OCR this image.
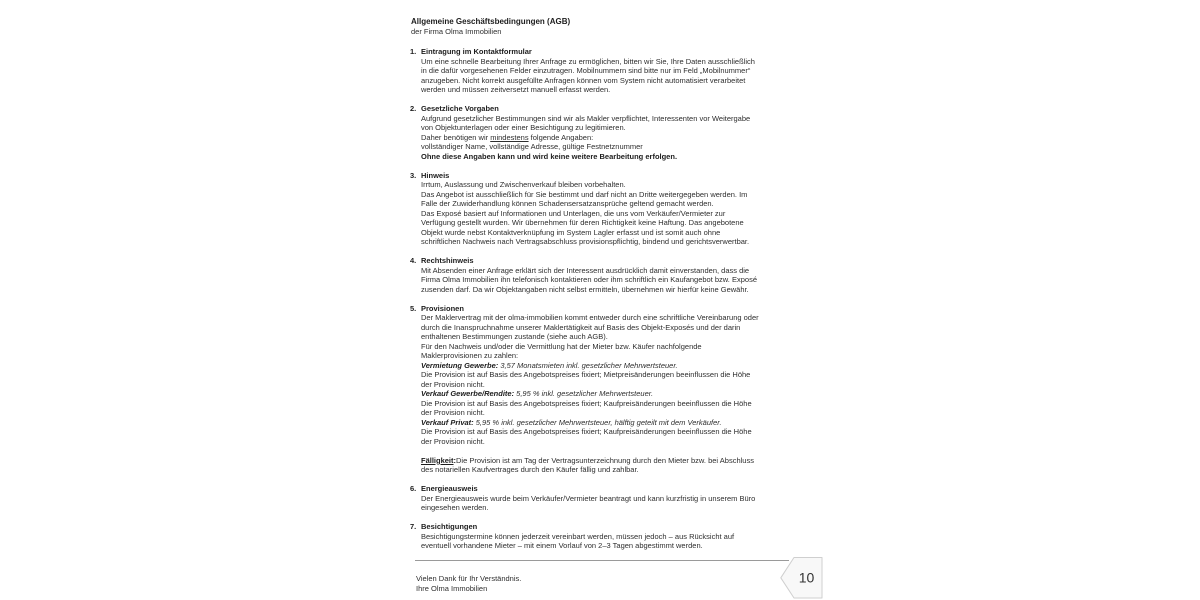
Allgemeine Geschäftsbedingungen (AGB)
der Firma Olma Immobilien
1. Eintragung im Kontaktformular
Um eine schnelle Bearbeitung Ihrer Anfrage zu ermöglichen, bitten wir Sie, Ihre Daten ausschließlich
in die dafür vorgesehenen Felder einzutragen. Mobilnummern sind bitte nur im Feld „Mobilnummer“
anzugeben. Nicht korrekt ausgefüllte Anfragen können vom System nicht automatisiert verarbeitet
werden und müssen zeitversetzt manuell erfasst werden.
2. Gesetzliche Vorgaben
Aufgrund gesetzlicher Bestimmungen sind wir als Makler verpflichtet, Interessenten vor Weitergabe
von Objektunterlagen oder einer Besichtigung zu legitimieren.
Daher benötigen wir mindestens folgende Angaben:
vollständiger Name, vollständige Adresse, gültige Festnetznummer
Ohne diese Angaben kann und wird keine weitere Bearbeitung erfolgen.
3. Hinweis
Irrtum, Auslassung und Zwischenverkauf bleiben vorbehalten.
Das Angebot ist ausschließlich für Sie bestimmt und darf nicht an Dritte weitergegeben werden. Im
Falle der Zuwiderhandlung können Schadensersatzansprüche geltend gemacht werden.
Das Exposé basiert auf Informationen und Unterlagen, die uns vom Verkäufer/Vermieter zur
Verfügung gestellt wurden. Wir übernehmen für deren Richtigkeit keine Haftung. Das angebotene
Objekt wurde nebst Kontaktverknüpfung im System Lagler erfasst und ist somit auch ohne
schriftlichen Nachweis nach Vertragsabschluss provisionspflichtig, bindend und gerichtsverwertbar.
4. Rechtshinweis
Mit Absenden einer Anfrage erklärt sich der Interessent ausdrücklich damit einverstanden, dass die
Firma Olma Immobilien ihn telefonisch kontaktieren oder ihm schriftlich ein Kaufangebot bzw. Exposé
zusenden darf. Da wir Objektangaben nicht selbst ermitteln, übernehmen wir hierfür keine Gewähr.
5. Provisionen
Der Maklervertrag mit der olma-immobilien kommt entweder durch eine schriftliche Vereinbarung oder
durch die Inanspruchnahme unserer Maklertätigkeit auf Basis des Objekt-Exposés und der darin
enthaltenen Bestimmungen zustande (siehe auch AGB).
Für den Nachweis und/oder die Vermittlung hat der Mieter bzw. Käufer nachfolgende
Maklerprovisionen zu zahlen:
Vermietung Gewerbe: 3,57 Monatsmieten inkl. gesetzlicher Mehrwertsteuer.
Die Provision ist auf Basis des Angebotspreises fixiert; Mietpreisänderungen beeinflussen die Höhe
der Provision nicht.
Verkauf Gewerbe/Rendite: 5,95 % inkl. gesetzlicher Mehrwertsteuer.
Die Provision ist auf Basis des Angebotspreises fixiert; Kaufpreisänderungen beeinflussen die Höhe
der Provision nicht.
Verkauf Privat: 5,95 % inkl. gesetzlicher Mehrwertsteuer, hälftig geteilt mit dem Verkäufer.
Die Provision ist auf Basis des Angebotspreises fixiert; Kaufpreisänderungen beeinflussen die Höhe
der Provision nicht.
Fälligkeit:Die Provision ist am Tag der Vertragsunterzeichnung durch den Mieter bzw. bei Abschluss
des notariellen Kaufvertrages durch den Käufer fällig und zahlbar.
6. Energieausweis
Der Energieausweis wurde beim Verkäufer/Vermieter beantragt und kann kurzfristig in unserem Büro
eingesehen werden.
7. Besichtigungen
Besichtigungstermine können jederzeit vereinbart werden, müssen jedoch – aus Rücksicht auf
eventuell vorhandene Mieter – mit einem Vorlauf von 2–3 Tagen abgestimmt werden.
Vielen Dank für Ihr Verständnis.
Ihre Olma Immobilien
10
